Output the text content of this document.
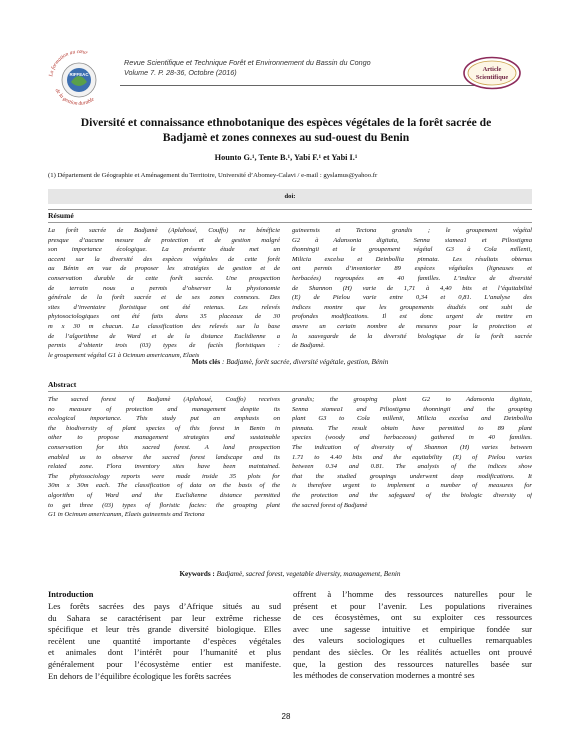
RIFFEAC
La formation au cœur
de la gestion durable
Revue Scientifique et Technique Forêt et Environnement du Bassin du Congo
Volume 7. P. 28-36, Octobre (2016)	Article
Scientifique
Diversité et connaissance ethnobotanique des espèces végétales de la forêt sacrée de
Badjamè et zones connexes au sud-ouest du Benin
Hounto G.¹, Tente B.¹, Yabi F.¹ et Yabi I.¹
(1) Département de Géographie et Aménagement du Territoire, Université d’Abomey-Calavi / e-mail : gyslamus@yahoo.fr
doi:
Résumé
La forêt sacrée de Badjamè (Aplahoué, Couffo) ne bénéficie
presque d’aucune mesure de protection et de gestion malgré
son importance écologique. La présente étude met un
accent sur la diversité des espèces végétales de cette forêt
au Bénin en vue de proposer les stratégies de gestion et de
conservation durable de cette forêt sacrée. Une prospection
de terrain nous a permis d’observer la physionomie
générale de la forêt sacrée et de ses zones connexes. Des
sites d’inventaire floristique ont été retenus. Les relevés
phytosociologiques ont été faits dans 35 placeaux de 30
m x 30 m chacun. La classification des relevés sur la base
de l’algorithme de Ward et de la distance Euclidienne a
permis d’obtenir trois (03) types de faciès floristiques :
le groupement végétal G1 à Ocimum americanum, Elaeis
guineensis et Tectona grandis ; le groupement végétal
G2 à Adansonia digitata, Senna siamea1 et Piliostigma
thonningii et le groupement végétal G3 à Cola millenii,
Milicia excelsa et Deinbollia pinnata. Les résultats obtenus
ont permis d’inventorier 89 espèces végétales (ligneuses et
herbacées) regroupées en 40 familles. L’indice de diversité
de Shannon (H) varie de 1,71 à 4,40 bits et l’équitabilité
(E) de Pielou varie entre 0,34 et 0,81. L’analyse des
indices montre que les groupements étudiés ont subi de
profondes modifications. Il est donc urgent de mettre en
œuvre un certain nombre de mesures pour la protection et
la sauvegarde de la diversité biologique de la forêt sacrée
de Badjamè.
Mots clés : Badjamè, forêt sacrée, diversité végétale, gestion, Bénin
Abstract
The sacred forest of Badjamè (Aplahoué, Couffo) receives
no measure of protection and management despite its
ecological importance. This study put an emphasis on
the biodiversity of plant species of this forest in Benin in
other to propose management strategies and sustainable
conservation for this sacred forest. A land prospection
enabled us to observe the sacred forest landscape and its
related zone. Flora inventory sites have been maintained.
The phytosociology reports were made inside 35 plots for
30m x 30m each. The classification of data on the basis of the
algorithm of Ward and the Euclidienne distance permitted
to get three (03) types of floristic facies: the grouping plant
G1 in Ocimum americanum, Elaeis guineensis and Tectona
grandis; the grouping plant G2 to Adansonia digitata,
Senna siamea1 and Piliostigma thonningii and the grouping
plant G3 to Cola millenii, Milicia excelsa and Deinbollia
pinnata. The result obtain have permitted to 89 plant
species (woody and herbaceous) gathered in 40 families.
The indication of diversity of Shannon (H) varies between
1.71 to 4.40 bits and the equitability (E) of Pielou varies
between 0.34 and 0.81. The analysis of the indices show
that the studied groupings underwent deep modifications. It
is therefore urgent to implement a number of measures for
the protection and the safeguard of the biologic diversity of
the sacred forest of Badjamè
Keywords : Badjamè, sacred forest, vegetable diversity, management, Benin
Introduction
Les forêts sacrées des pays d’Afrique situés au sud
du Sahara se caractérisent par leur extrême richesse
spécifique et leur très grande diversité biologique. Elles
recèlent une quantité importante d’espèces végétales
et animales dont l’intérêt pour l’humanité et plus
généralement pour l’écosystème entier est manifeste.
En dehors de l’équilibre écologique les forêts sacrées
offrent à l’homme des ressources naturelles pour le
présent et pour l’avenir. Les populations riveraines
de ces écosystèmes, ont su exploiter ces ressources
avec une sagesse intuitive et empirique fondée sur
des valeurs sociologiques et cultuelles remarquables
pendant des siècles. Or les réalités actuelles ont prouvé
que, la gestion des ressources naturelles basée sur
les méthodes de conservation modernes a montré ses
28
